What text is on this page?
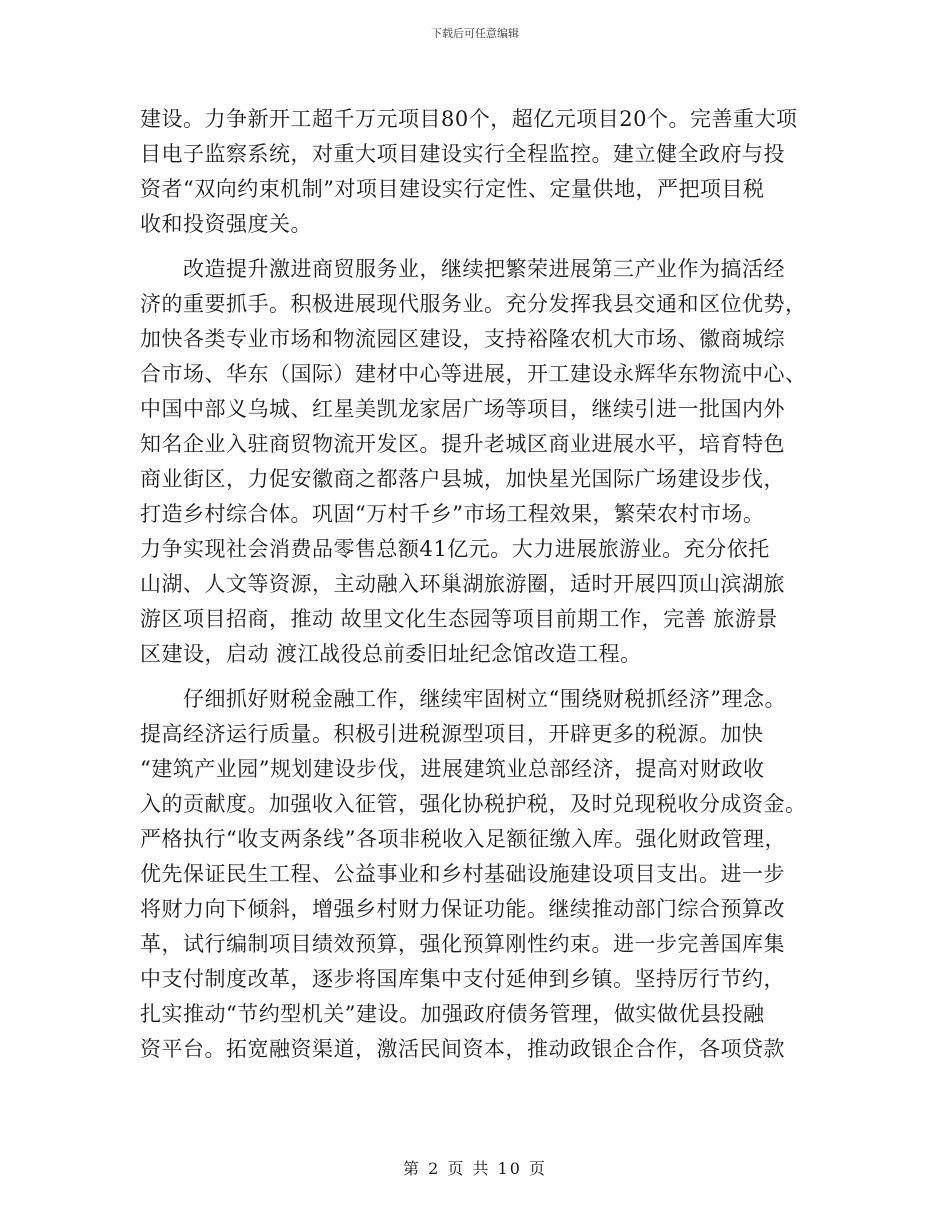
下载后可任意编辑
建设。力争新开工超千万元项目80个，超亿元项目20个。完善重大项
目电子监察系统，对重大项目建设实行全程监控。建立健全政府与投
资者“双向约束机制”对项目建设实行定性、定量供地，严把项目税
收和投资强度关。
　　改造提升激进商贸服务业，继续把繁荣进展第三产业作为搞活经
济的重要抓手。积极进展现代服务业。充分发挥我县交通和区位优势，
加快各类专业市场和物流园区建设，支持裕隆农机大市场、徽商城综
合市场、华东（国际）建材中心等进展，开工建设永辉华东物流中心、
中国中部义乌城、红星美凯龙家居广场等项目，继续引进一批国内外
知名企业入驻商贸物流开发区。提升老城区商业进展水平，培育特色
商业街区，力促安徽商之都落户县城，加快星光国际广场建设步伐，
打造乡村综合体。巩固“万村千乡”市场工程效果，繁荣农村市场。
力争实现社会消费品零售总额41亿元。大力进展旅游业。充分依托
山湖、人文等资源，主动融入环巢湖旅游圈，适时开展四顶山滨湖旅
游区项目招商，推动 故里文化生态园等项目前期工作，完善 旅游景
区建设，启动 渡江战役总前委旧址纪念馆改造工程。
　　仔细抓好财税金融工作，继续牢固树立“围绕财税抓经济”理念。
提高经济运行质量。积极引进税源型项目，开辟更多的税源。加快
“建筑产业园”规划建设步伐，进展建筑业总部经济，提高对财政收
入的贡献度。加强收入征管，强化协税护税，及时兑现税收分成资金。
严格执行“收支两条线”各项非税收入足额征缴入库。强化财政管理，
优先保证民生工程、公益事业和乡村基础设施建设项目支出。进一步
将财力向下倾斜，增强乡村财力保证功能。继续推动部门综合预算改
革，试行编制项目绩效预算，强化预算刚性约束。进一步完善国库集
中支付制度改革，逐步将国库集中支付延伸到乡镇。坚持厉行节约，
扎实推动“节约型机关”建设。加强政府债务管理，做实做优县投融
资平台。拓宽融资渠道，激活民间资本，推动政银企合作，各项贷款
第 2 页 共 10 页
